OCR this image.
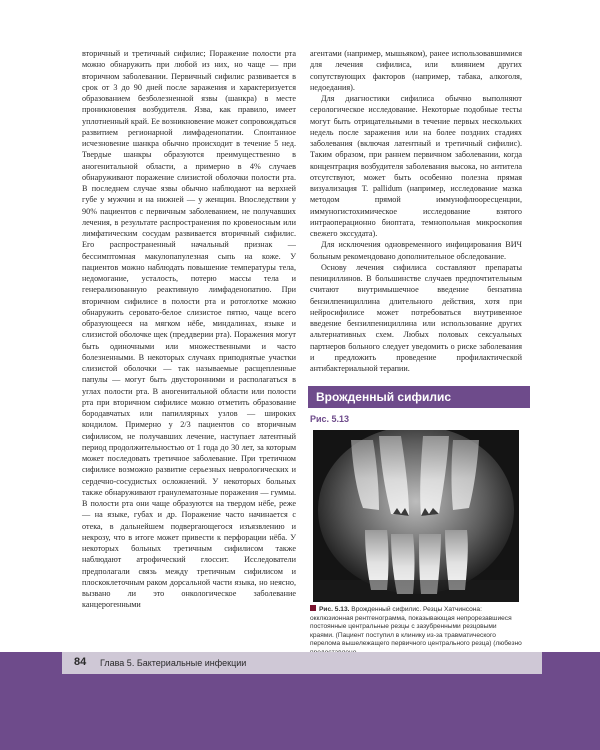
вторичный и третичный сифилис; Поражение полости рта можно обнаружить при любой из них, но чаще — при вторичном заболевании. Первичный сифилис развивается в срок от 3 до 90 дней после заражения и характеризуется образованием безболезненной язвы (шанкра) в месте проникновения возбудителя. Язва, как правило, имеет уплотненный край. Ее возникновение может сопровождаться развитием регионарной лимфаденопатии. Спонтанное исчезновение шанкра обычно происходит в течение 5 нед. Твердые шанкры образуются преимущественно в аногенитальной области, а примерно в 4% случаев обнаруживают поражение слизистой оболочки полости рта. В последнем случае язвы обычно наблюдают на верхней губе у мужчин и на нижней — у женщин. Впоследствии у 90% пациентов с первичным заболеванием, не получавших лечения, в результате распространения по кровеносным или лимфатическим сосудам развивается вторичный сифилис. Его распространенный начальный признак — бессимптомная макулопапулезная сыпь на коже. У пациентов можно наблюдать повышение температуры тела, недомогание, усталость, потерю массы тела и генерализованную реактивную лимфаденопатию. При вторичном сифилисе в полости рта и ротоглотке можно обнаружить серовато-белое слизистое пятно, чаще всего образующееся на мягком нёбе, миндалинах, языке и слизистой оболочке щек (преддверии рта). Поражения могут быть одиночными или множественными и часто болезненными. В некоторых случаях приподнятые участки слизистой оболочки — так называемые расщепленные папулы — могут быть двусторонними и располагаться в углах полости рта. В аногенитальной области или полости рта при вторичном сифилисе можно отметить образование бородавчатых или папиллярных узлов — широких кондилом. Примерно у 2/3 пациентов со вторичным сифилисом, не получавших лечение, наступает латентный период продолжительностью от 1 года до 30 лет, за которым может последовать третичное заболевание. При третичном сифилисе возможно развитие серьезных неврологических и сердечно-сосудистых осложнений. У некоторых больных также обнаруживают гранулематозные поражения — гуммы. В полости рта они чаще образуются на твердом нёбе, реже — на языке, губах и др. Поражение часто начинается с отека, в дальнейшем подвергающегося изъязвлению и некрозу, что в итоге может привести к перфорации нёба. У некоторых больных третичным сифилисом также наблюдают атрофический глоссит. Исследователи предполагали связь между третичным сифилисом и плоскоклеточным раком дорсальной части языка, но неясно, вызвано ли это онкологическое заболевание канцерогенными

агентами (например, мышьяком), ранее использовавшимися для лечения сифилиса, или влиянием других сопутствующих факторов (например, табака, алкоголя, недоедания).

Для диагностики сифилиса обычно выполняют серологическое исследование. Некоторые подобные тесты могут быть отрицательными в течение первых нескольких недель после заражения или на более поздних стадиях заболевания (включая латентный и третичный сифилис). Таким образом, при раннем первичном заболевании, когда концентрация возбудителя заболевания высока, но антитела отсутствуют, может быть особенно полезна прямая визуализация T. pallidum (например, исследование мазка методом прямой иммунофлюоресценции, иммуногистохимическое исследование взятого интраоперационно биоптата, темнопольная микроскопия свежего экссудата).

Для исключения одновременного инфицирования ВИЧ больным рекомендовано дополнительное обследование.

Основу лечения сифилиса составляют препараты пенициллинов. В большинстве случаев предпочтительным считают внутримышечное введение бензатина бензилпенициллина длительного действия, хотя при нейросифилисе может потребоваться внутривенное введение бензилпенициллина или использование других альтернативных схем. Любых половых сексуальных партнеров больного следует уведомить о риске заболевания и предложить проведение профилактической антибактериальной терапии.

Врожденный сифилис
Рис. 5.13
Рис. 5.13. Врожденный сифилис. Резцы Хатчинсона: окклюзионная рентгенограмма, показывающая непрорезавшиеся постоянные центральные резцы с зазубренными резцовыми краями. (Пациент поступил в клинику из-за травматического перелома вышележащего первичного центрального резца) (любезно
84 Глава 5. Бактериальные инфекции
